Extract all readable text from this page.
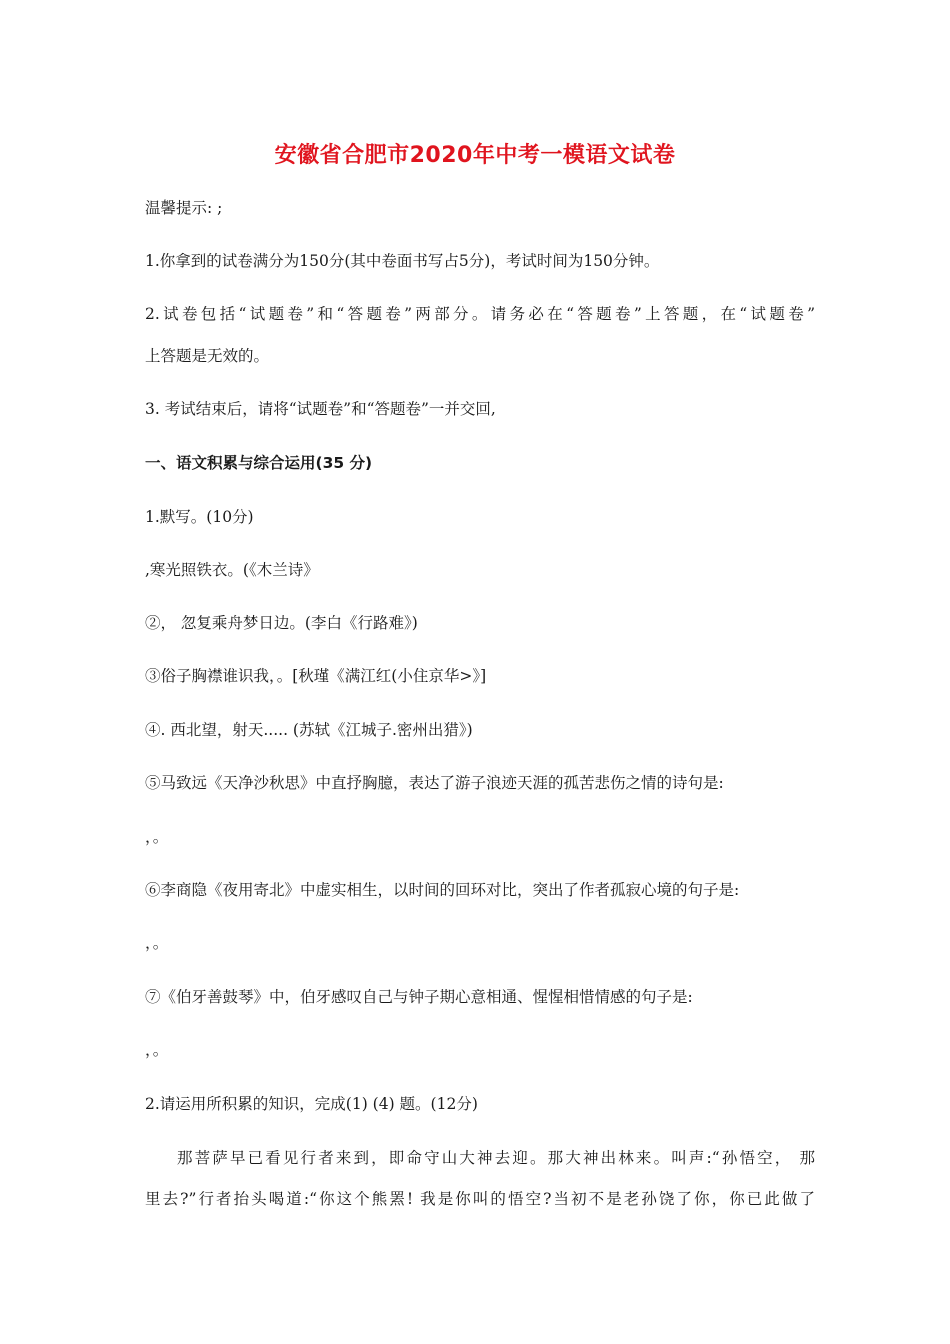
安徽省合肥市2020年中考一模语文试卷
温馨提示: ;
1.你拿到的试卷满分为150分(其中卷面书写占5分)，考试时间为150分钟。
2.试卷包括“试题卷”和“答题卷”两部分。请务必在“答题卷”上答题，在“试题卷”
上答题是无效的。
3. 考试结束后，请将“试题卷”和“答题卷”一并交回,
一、语文积累与综合运用(35 分)
1.默写。(10分)
,寒光照铁衣。(《木兰诗》
②， 忽复乘舟梦日边。(李白《行路难》)
③俗子胸襟谁识我，。[秋瑾《满江红(小住京华>》]
④. 西北望，射天..... (苏轼《江城子.密州出猎》)
⑤马致远《天净沙秋思》中直抒胸臆，表达了游子浪迹天涯的孤苦悲伤之情的诗句是:
，。
⑥李商隐《夜用寄北》中虚实相生，以时间的回环对比，突出了作者孤寂心境的句子是:
，。
⑦《伯牙善鼓琴》中，伯牙感叹自己与钟子期心意相通、惺惺相惜情感的句子是:
，。
2.请运用所积累的知识，完成(1) (4) 题。(12分)
那菩萨早已看见行者来到，即命守山大神去迎。那大神出林来。叫声:“孙悟空， 那
里去?”行者抬头喝道:“你这个熊罴! 我是你叫的悟空?当初不是老孙饶了你，你已此做了
